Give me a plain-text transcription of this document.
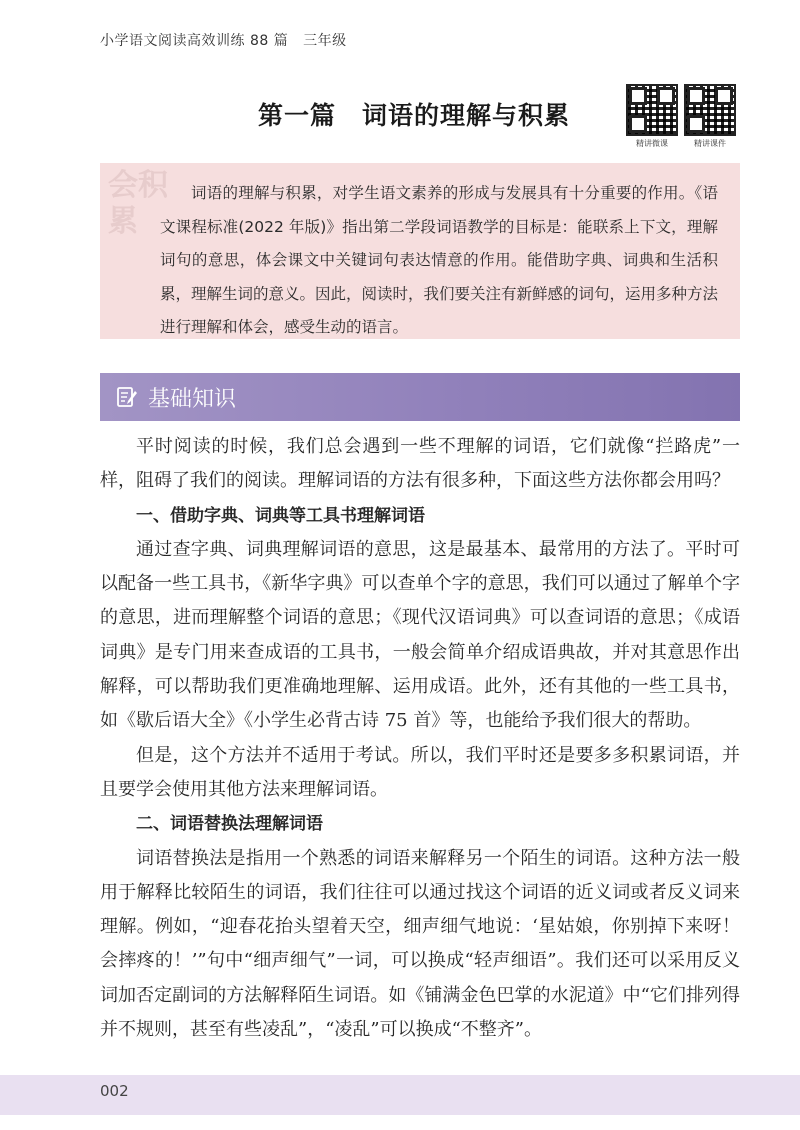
小学语文阅读高效训练 88 篇 三年级
第一篇 词语的理解与积累
精讲微课	精讲课件

词语的理解与积累，对学生语文素养的形成与发展具有十分重要的作用。《语文课程标准(2022 年版)》指出第二学段词语教学的目标是：能联系上下文，理解词句的意思，体会课文中关键词句表达情意的作用。能借助字典、词典和生活积累，理解生词的意义。因此，阅读时，我们要关注有新鲜感的词句，运用多种方法进行理解和体会，感受生动的语言。

会积累
基础知识

平时阅读的时候，我们总会遇到一些不理解的词语，它们就像“拦路虎”一样，阻碍了我们的阅读。理解词语的方法有很多种，下面这些方法你都会用吗？

一、借助字典、词典等工具书理解词语

通过查字典、词典理解词语的意思，这是最基本、最常用的方法了。平时可以配备一些工具书，《新华字典》可以查单个字的意思，我们可以通过了解单个字的意思，进而理解整个词语的意思；《现代汉语词典》可以查词语的意思；《成语词典》是专门用来查成语的工具书，一般会简单介绍成语典故，并对其意思作出解释，可以帮助我们更准确地理解、运用成语。此外，还有其他的一些工具书，如《歇后语大全》《小学生必背古诗 75 首》等，也能给予我们很大的帮助。

但是，这个方法并不适用于考试。所以，我们平时还是要多多积累词语，并且要学会使用其他方法来理解词语。

二、词语替换法理解词语

词语替换法是指用一个熟悉的词语来解释另一个陌生的词语。这种方法一般用于解释比较陌生的词语，我们往往可以通过找这个词语的近义词或者反义词来理解。例如，“迎春花抬头望着天空，细声细气地说：‘星姑娘，你别掉下来呀！会摔疼的！’”句中“细声细气”一词，可以换成“轻声细语”。我们还可以采用反义词加否定副词的方法解释陌生词语。如《铺满金色巴掌的水泥道》中“它们排列得并不规则，甚至有些凌乱”，“凌乱”可以换成“不整齐”。

002
